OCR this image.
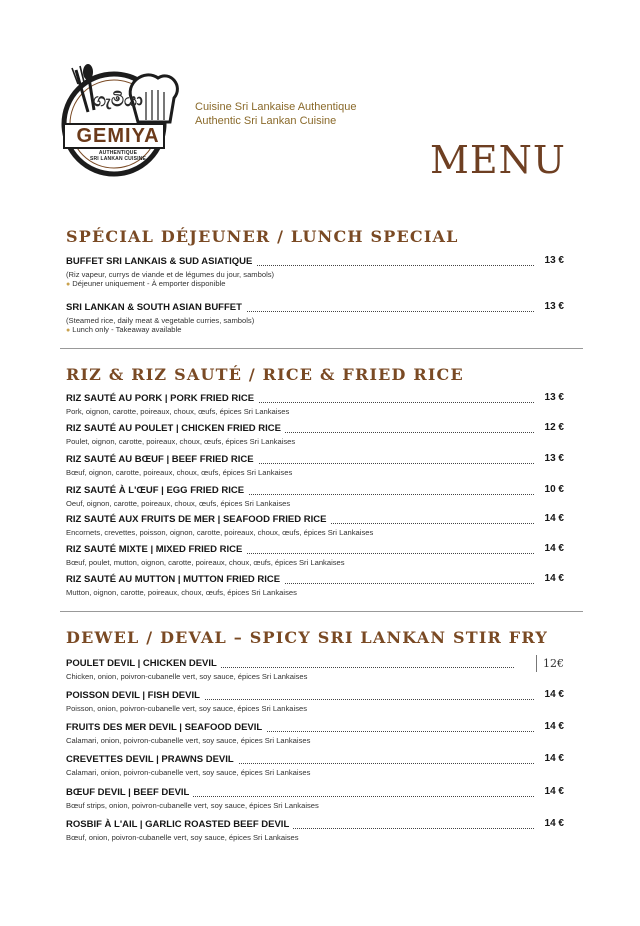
ගැමියා
GEMIYA
AUTHENTIQUE
SRI LANKAN CUISINE
Cuisine Sri Lankaise Authentique
Authentic Sri Lankan Cuisine
MENU
SPÉCIAL DÉJEUNER / LUNCH SPECIAL
BUFFET SRI LANKAIS & SUD ASIATIQUE	13 €
(Riz vapeur, currys de viande et de légumes du jour, sambols)
● Déjeuner uniquement - À emporter disponible
SRI LANKAN & SOUTH ASIAN BUFFET	13 €
(Steamed rice, daily meat & vegetable curries, sambols)
● Lunch only - Takeaway available
RIZ & RIZ SAUTÉ / RICE & FRIED RICE
RIZ SAUTÉ AU PORK | PORK FRIED RICE	13 €
Pork, oignon, carotte, poireaux, choux, œufs, épices Sri Lankaises
RIZ SAUTÉ AU POULET | CHICKEN FRIED RICE	12 €
Poulet, oignon, carotte, poireaux, choux, œufs, épices Sri Lankaises
RIZ SAUTÉ AU BŒUF | BEEF FRIED RICE	13 €
Bœuf, oignon, carotte, poireaux, choux, œufs, épices Sri Lankaises
RIZ SAUTÉ À L'ŒUF | EGG FRIED RICE	10 €
Oeuf, oignon, carotte, poireaux, choux, œufs, épices Sri Lankaises
RIZ SAUTÉ AUX FRUITS DE MER | SEAFOOD FRIED RICE	14 €
Encornets, crevettes, poisson, oignon, carotte, poireaux, choux, œufs, épices Sri Lankaises
RIZ SAUTÉ MIXTE | MIXED FRIED RICE	14 €
Bœuf, poulet, mutton, oignon, carotte, poireaux, choux, œufs, épices Sri Lankaises
RIZ SAUTÉ AU MUTTON | MUTTON FRIED RICE	14 €
Mutton, oignon, carotte, poireaux, choux, œufs, épices Sri Lankaises
DEWEL / DEVAL – SPICY SRI LANKAN STIR FRY
POULET DEVIL | CHICKEN DEVIL	12€
Chicken, onion, poivron-cubanelle vert, soy sauce, épices Sri Lankaises
POISSON DEVIL | FISH DEVIL	14 €
Poisson, onion, poivron-cubanelle vert, soy sauce, épices Sri Lankaises
FRUITS DES MER DEVIL | SEAFOOD DEVIL	14 €
Calamari, onion, poivron-cubanelle vert, soy sauce, épices Sri Lankaises
CREVETTES DEVIL | PRAWNS DEVIL	14 €
Calamari, onion, poivron-cubanelle vert, soy sauce, épices Sri Lankaises
BŒUF DEVIL | BEEF DEVIL	14 €
Bœuf strips, onion, poivron-cubanelle vert, soy sauce, épices Sri Lankaises
ROSBIF À L'AIL | GARLIC ROASTED BEEF DEVIL	14 €
Bœuf, onion, poivron-cubanelle vert, soy sauce, épices Sri Lankaises
